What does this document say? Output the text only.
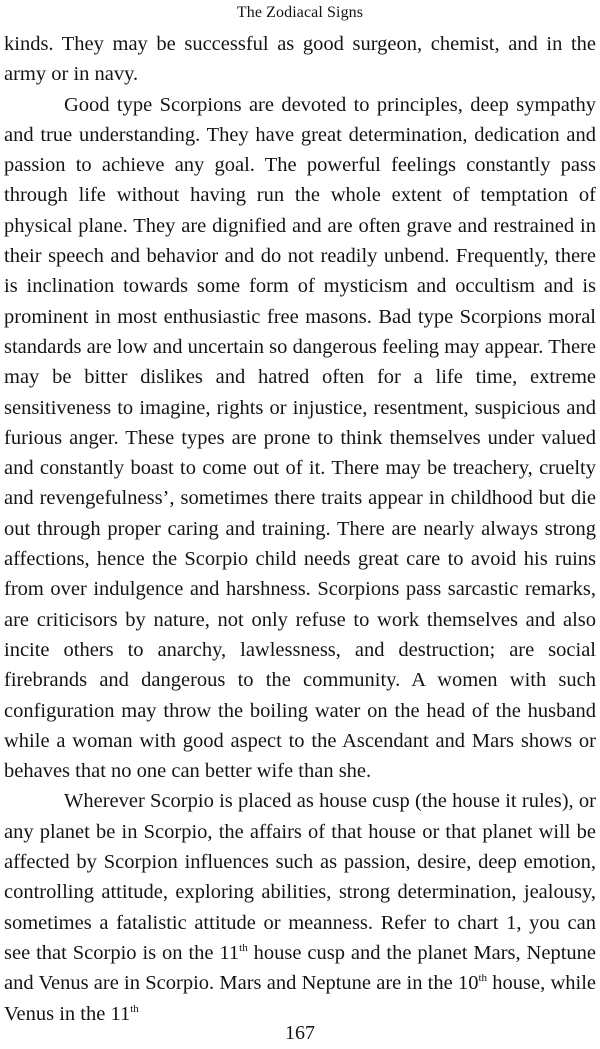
The Zodiacal Signs

kinds. They may be successful as good surgeon, chemist, and in the army or in navy.

Good type Scorpions are devoted to principles, deep sympathy and true understanding. They have great determination, dedication and passion to achieve any goal. The powerful feelings constantly pass through life without having run the whole extent of temptation of physical plane. They are dignified and are often grave and restrained in their speech and behavior and do not readily unbend. Frequently, there is inclination towards some form of mysticism and occultism and is prominent in most enthusiastic free masons. Bad type Scorpions moral standards are low and uncertain so dangerous feeling may appear. There may be bitter dislikes and hatred often for a life time, extreme sensitiveness to imagine, rights or injustice, resentment, suspicious and furious anger. These types are prone to think themselves under valued and constantly boast to come out of it. There may be treachery, cruelty and revengefulness’, sometimes there traits appear in childhood but die out through proper caring and training. There are nearly always strong affections, hence the Scorpio child needs great care to avoid his ruins from over indulgence and harshness. Scorpions pass sarcastic remarks, are criticisors by nature, not only refuse to work themselves and also incite others to anarchy, lawlessness, and destruction; are social firebrands and dangerous to the community. A women with such configuration may throw the boiling water on the head of the husband while a woman with good aspect to the Ascendant and Mars shows or behaves that no one can better wife than she.

Wherever Scorpio is placed as house cusp (the house it rules), or any planet be in Scorpio, the affairs of that house or that planet will be affected by Scorpion influences such as passion, desire, deep emotion, controlling attitude, exploring abilities, strong determination, jealousy, sometimes a fatalistic attitude or meanness. Refer to chart 1, you can see that Scorpio is on the 11th house cusp and the planet Mars, Neptune and Venus are in Scorpio. Mars and Neptune are in the 10th house, while Venus in the 11th

167
